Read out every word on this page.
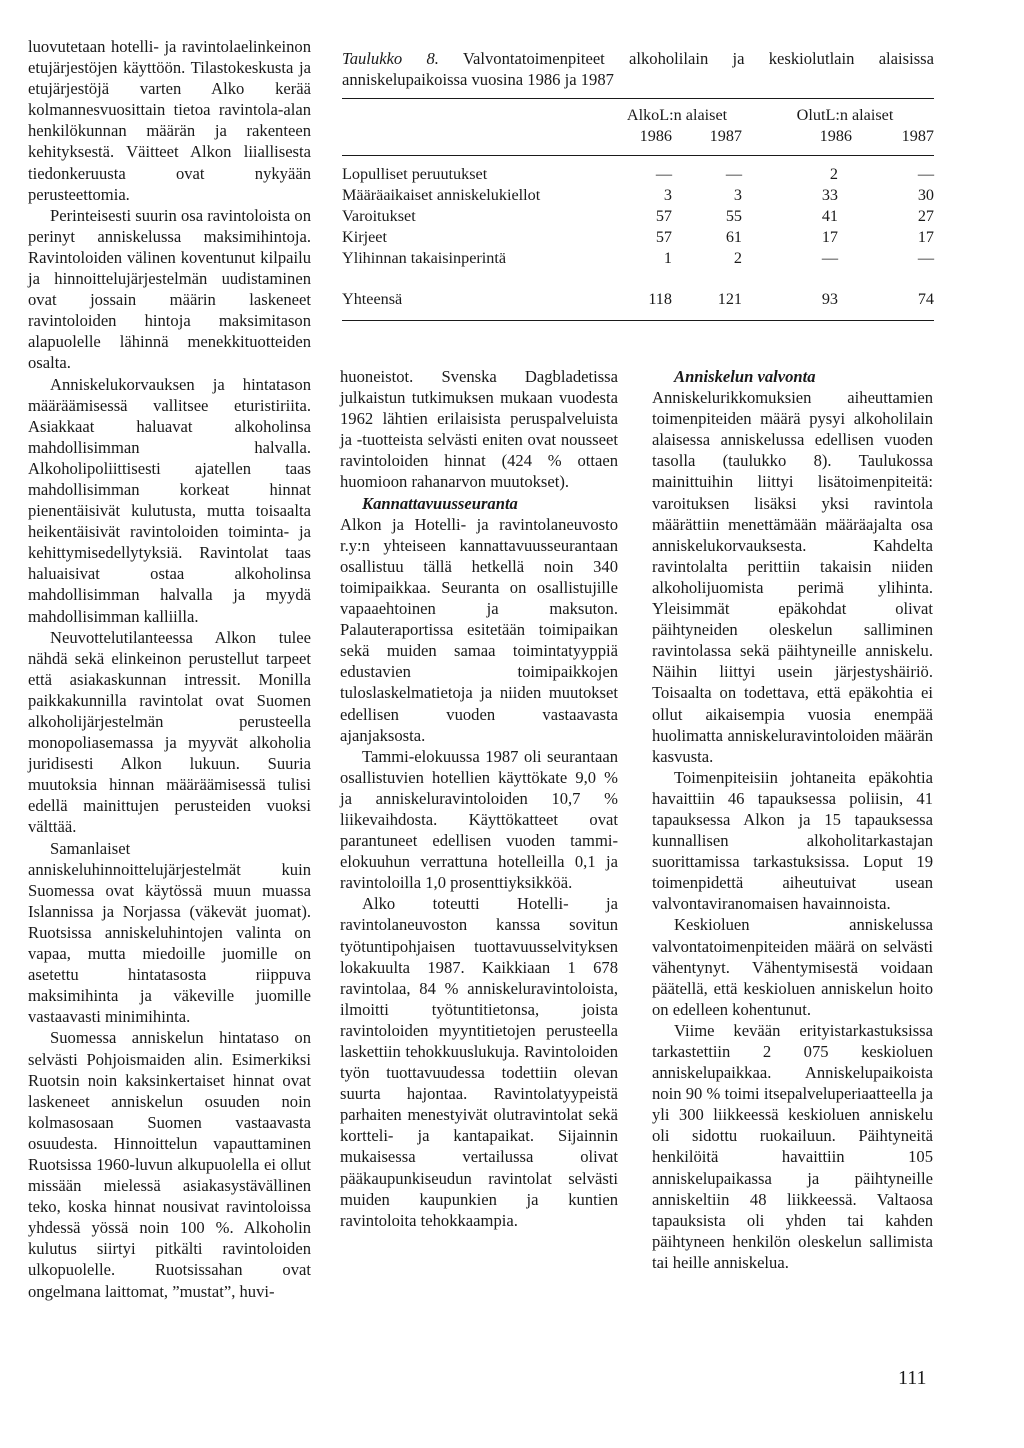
luovutetaan hotelli- ja ravintolaelinkeinon etujärjestöjen käyttöön. Tilastokeskusta ja etujärjestöjä varten Alko kerää kolmannesvuosittain tietoa ravintola-alan henkilökunnan määrän ja rakenteen kehityksestä. Väitteet Alkon liiallisesta tiedonkeruusta ovat nykyään perusteettomia.

Perinteisesti suurin osa ravintoloista on perinyt anniskelussa maksimihintoja. Ravintoloiden välinen koventunut kilpailu ja hinnoittelujärjestelmän uudistaminen ovat jossain määrin laskeneet ravintoloiden hintoja maksimitason alapuolelle lähinnä menekkituotteiden osalta.

Anniskelukorvauksen ja hintatason määräämisessä vallitsee eturistiriita. Asiakkaat haluavat alkoholinsa mahdollisimman halvalla. Alkoholipoliittisesti ajatellen taas mahdollisimman korkeat hinnat pienentäisivät kulutusta, mutta toisaalta heikentäisivät ravintoloiden toiminta- ja kehittymisedellytyksiä. Ravintolat taas haluaisivat ostaa alkoholinsa mahdollisimman halvalla ja myydä mahdollisimman kalliilla.

Neuvottelutilanteessa Alkon tulee nähdä sekä elinkeinon perustellut tarpeet että asiakaskunnan intressit. Monilla paikkakunnilla ravintolat ovat Suomen alkoholijärjestelmän perusteella monopoliasemassa ja myyvät alkoholia juridisesti Alkon lukuun. Suuria muutoksia hinnan määräämisessä tulisi edellä mainittujen perusteiden vuoksi välttää.

Samanlaiset anniskeluhinnoittelujärjestelmät kuin Suomessa ovat käytössä muun muassa Islannissa ja Norjassa (väkevät juomat). Ruotsissa anniskeluhintojen valinta on vapaa, mutta miedoille juomille on asetettu hintatasosta riippuva maksimihinta ja väkeville juomille vastaavasti minimihinta.

Suomessa anniskelun hintataso on selvästi Pohjoismaiden alin. Esimerkiksi Ruotsin noin kaksinkertaiset hinnat ovat laskeneet anniskelun osuuden noin kolmasosaan Suomen vastaavasta osuudesta. Hinnoittelun vapauttaminen Ruotsissa 1960-luvun alkupuolella ei ollut missään mielessä asiakasystävällinen teko, koska hinnat nousivat ravintoloissa yhdessä yössä noin 100 %. Alkoholin kulutus siirtyi pitkälti ravintoloiden ulkopuolelle. Ruotsissahan ovat ongelmana laittomat, ”mustat”, huvi-

Taulukko 8. Valvontatoimenpiteet alkoholilain ja keskiolutlain alaisissa anniskelupaikoissa vuosina 1986 ja 1987

	AlkoL:n alaiset		OlutL:n alaiset	
	1986	1987	1986	1987
Lopulliset peruutukset	—	—	2	—
Määräaikaiset anniskelukiellot	3	3	33	30
Varoitukset	57	55	41	27
Kirjeet	57	61	17	17
Ylihinnan takaisinperintä	1	2	—	—
Yhteensä	118	121	93	74

huoneistot. Svenska Dagbladetissa julkaistun tutkimuksen mukaan vuodesta 1962 lähtien erilaisista peruspalveluista ja -tuotteista selvästi eniten ovat nousseet ravintoloiden hinnat (424 % ottaen huomioon rahanarvon muutokset).

Kannattavuusseuranta

Alkon ja Hotelli- ja ravintolaneuvosto r.y:n yhteiseen kannattavuusseurantaan osallistuu tällä hetkellä noin 340 toimipaikkaa. Seuranta on osallistujille vapaaehtoinen ja maksuton. Palauteraportissa esitetään toimipaikan sekä muiden samaa toimintatyyppiä edustavien toimipaikkojen tuloslaskelmatietoja ja niiden muutokset edellisen vuoden vastaavasta ajanjaksosta.

Tammi-elokuussa 1987 oli seurantaan osallistuvien hotellien käyttökate 9,0 % ja anniskeluravintoloiden 10,7 % liikevaihdosta. Käyttökatteet ovat parantuneet edellisen vuoden tammi-elokuuhun verrattuna hotelleilla 0,1 ja ravintoloilla 1,0 prosenttiyksikköä.

Alko toteutti Hotelli- ja ravintolaneuvoston kanssa sovitun työtuntipohjaisen tuottavuusselvityksen lokakuulta 1987. Kaikkiaan 1 678 ravintolaa, 84 % anniskeluravintoloista, ilmoitti työtuntitietonsa, joista ravintoloiden myyntitietojen perusteella laskettiin tehokkuuslukuja. Ravintoloiden työn tuottavuudessa todettiin olevan suurta hajontaa. Ravintolatyypeistä parhaiten menestyivät olutravintolat sekä kortteli- ja kantapaikat. Sijainnin mukaisessa vertailussa olivat pääkaupunkiseudun ravintolat selvästi muiden kaupunkien ja kuntien ravintoloita tehokkaampia.

Anniskelun valvonta

Anniskelurikkomuksien aiheuttamien toimenpiteiden määrä pysyi alkoholilain alaisessa anniskelussa edellisen vuoden tasolla (taulukko 8). Taulukossa mainittuihin liittyi lisätoimenpiteitä: varoituksen lisäksi yksi ravintola määrättiin menettämään määräajalta osa anniskelukorvauksesta. Kahdelta ravintolalta perittiin takaisin niiden alkoholijuomista perimä ylihinta. Yleisimmät epäkohdat olivat päihtyneiden oleskelun salliminen ravintolassa sekä päihtyneille anniskelu. Näihin liittyi usein järjestyshäiriö. Toisaalta on todettava, että epäkohtia ei ollut aikaisempia vuosia enempää huolimatta anniskeluravintoloiden määrän kasvusta.

Toimenpiteisiin johtaneita epäkohtia havaittiin 46 tapauksessa poliisin, 41 tapauksessa Alkon ja 15 tapauksessa kunnallisen alkoholitarkastajan suorittamissa tarkastuksissa. Loput 19 toimenpidettä aiheutuivat usean valvontaviranomaisen havainnoista.

Keskioluen anniskelussa valvontatoimenpiteiden määrä on selvästi vähentynyt. Vähentymisestä voidaan päätellä, että keskioluen anniskelun hoito on edelleen kohentunut.

Viime kevään erityistarkastuksissa tarkastettiin 2 075 keskioluen anniskelupaikkaa. Anniskelupaikoista noin 90 % toimi itsepalveluperiaatteella ja yli 300 liikkeessä keskioluen anniskelu oli sidottu ruokailuun. Päihtyneitä henkilöitä havaittiin 105 anniskelupaikassa ja päihtyneille anniskeltiin 48 liikkeessä. Valtaosa tapauksista oli yhden tai kahden päihtyneen henkilön oleskelun sallimista tai heille anniskelua.

111
